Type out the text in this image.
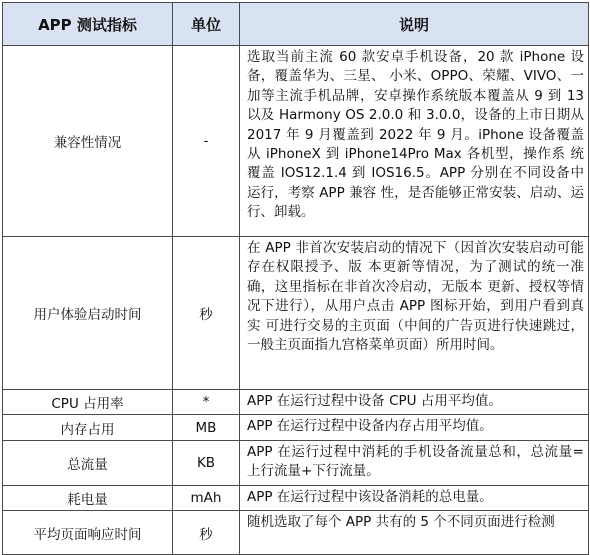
APP 测试指标	单位	说明
兼容性情况	-	选取当前主流 60 款安卓手机设备，20 款 iPhone 设备，覆盖华为、三星、 小米、OPPO、荣耀、VIVO、一加等主流手机品牌，安卓操作系统版本覆盖从 9 到 13 以及 Harmony OS 2.0.0 和 3.0.0，设备的上市日期从 2017 年 9 月覆盖到 2022 年 9 月。iPhone 设备覆盖从 iPhoneX 到 iPhone14Pro Max 各机型，操作系 统覆盖 IOS12.1.4 到 IOS16.5。APP 分别在不同设备中运行，考察 APP 兼容 性，是否能够正常安装、启动、运行、卸载。
用户体验启动时间	秒	在 APP 非首次安装启动的情况下（因首次安装启动可能存在权限授予、版 本更新等情况，为了测试的统一准确，这里指标在非首次冷启动，无版本 更新、授权等情况下进行），从用户点击 APP 图标开始，到用户看到真实 可进行交易的主页面（中间的广告页进行快速跳过，一般主页面指九宫格菜单页面）所用时间。
CPU 占用率	*	APP 在运行过程中设备 CPU 占用平均值。
内存占用	MB	APP 在运行过程中设备内存占用平均值。
总流量	KB	APP 在运行过程中消耗的手机设备流量总和，总流量=上行流量+下行流量。
耗电量	mAh	APP 在运行过程中该设备消耗的总电量。
平均页面响应时间	秒	随机选取了每个 APP 共有的 5 个不同页面进行检测
